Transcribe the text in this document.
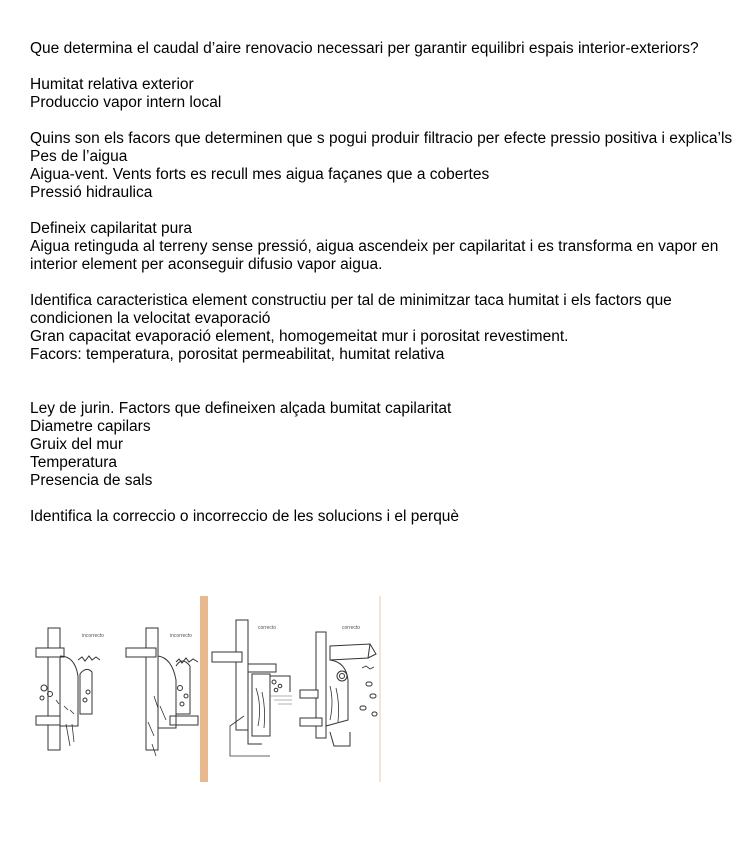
Que determina el caudal d’aire renovacio necessari per garantir equilibri espais interior-exteriors?

Humitat relativa exterior

Produccio vapor intern local

Quins son els facors que determinen que s pogui produir filtracio per efecte pressio positiva i explica’ls

Pes de l’aigua

Aigua-vent. Vents forts es recull mes aigua façanes que a cobertes

Pressió hidraulica

Defineix capilaritat pura

Aigua retinguda al terreny sense pressió, aigua ascendeix per capilaritat i es transforma en vapor en interior element per aconseguir difusio vapor aigua.

Identifica caracteristica element constructiu per tal de minimitzar taca humitat i els factors que condicionen la velocitat evaporació

Gran capacitat evaporació element, homogemeitat mur i porositat revestiment.

Facors: temperatura, porositat permeabilitat, humitat relativa

Ley de jurin. Factors que defineixen alçada bumitat capilaritat

Diametre capilars

Gruix del mur

Temperatura

Presencia de sals

Identifica la correccio o incorreccio de les solucions i el perquè

incorrecto	incorrecto
correcto	correcto
